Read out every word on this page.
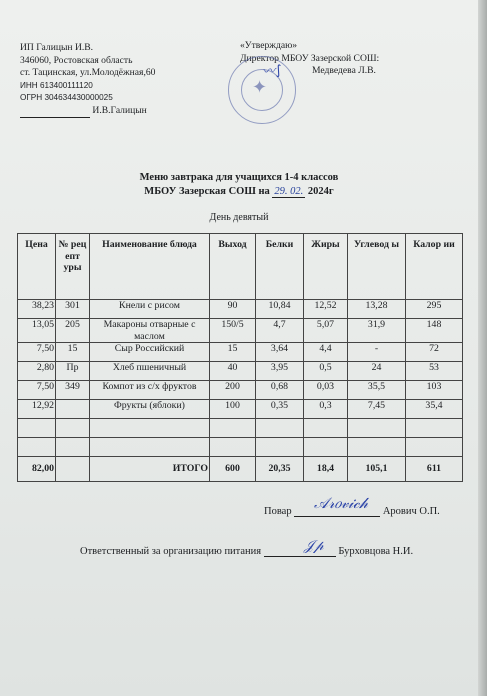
ИП Галицын И.В.
346060, Ростовская область
ст. Тацинская, ул.Молодёжная,60
ИНН 613400111120
ОГРН 304634430000025
И.В.Галицын
«Утверждаю»
Директор МБОУ Зазерской СОШ:
Медведева Л.В.
✦
〰∫
Меню завтрака для учащихся 1-4 классов
МБОУ Зазерская СОШ на 29. 02. 2024г
День девятый
Цена	№ рец епт уры	Наименование блюда	Выход	Белки	Жиры	Углевод ы	Калор ии
38,23	301	Кнели с рисом	90	10,84	12,52	13,28	295
13,05	205	Макароны отварные с маслом	150/5	4,7	5,07	31,9	148
7,50	15	Сыр Российский	15	3,64	4,4	-	72
2,80	Пр	Хлеб пшеничный	40	3,95	0,5	24	53
7,50	349	Компот из с/х фруктов	200	0,68	0,03	35,5	103
12,92		Фрукты (яблоки)	100	0,35	0,3	7,45	35,4

82,00		ИТОГО	600	20,35	18,4	105,1	611
Повар	Арович О.П.
𝒜𝓇𝑜𝓋𝒾𝒸𝒽
Ответственный за организацию питания	Бурховцова Н.И.
𝒥𝓅
